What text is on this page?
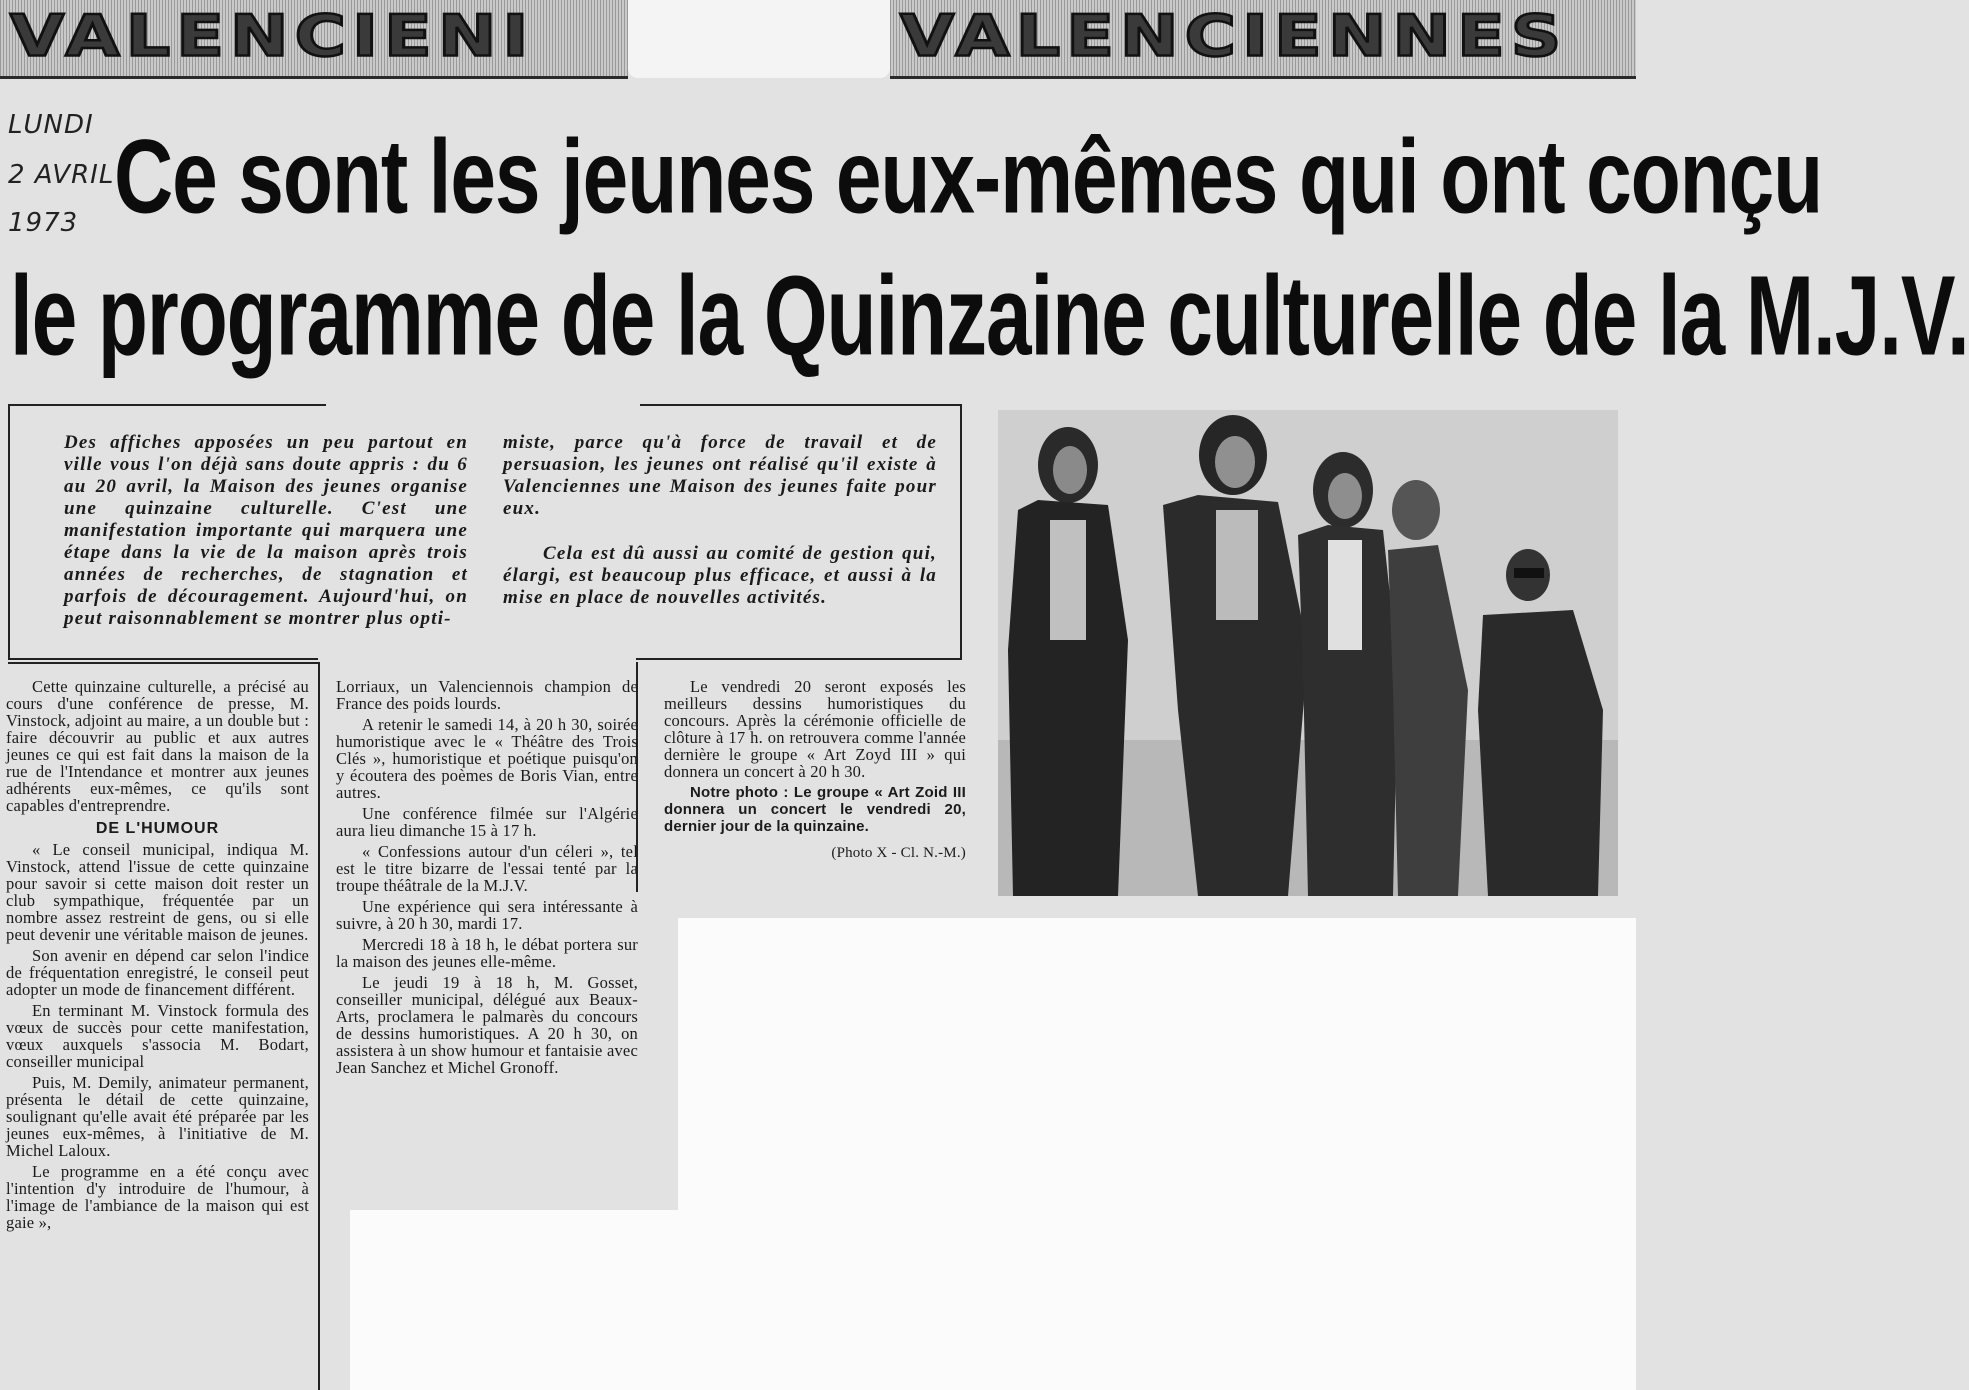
VALENCIENI	VALENCIENNES
LUNDI
2 AVRIL
1973 Ce sont les jeunes eux-mêmes qui ont conçu
le programme de la Quinzaine culturelle de la M.J.V.
Des affiches apposées un peu partout en ville vous l'on déjà sans doute appris : du 6 au 20 avril, la Maison des jeunes organise une quinzaine culturelle. C'est une manifestation importante qui marquera une étape dans la vie de la maison après trois années de recherches, de stagnation et parfois de découragement. Aujourd'hui, on peut raisonnablement se montrer plus opti-
miste, parce qu'à force de travail et de persuasion, les jeunes ont réalisé qu'il existe à Valenciennes une Maison des jeunes faite pour eux.
Cela est dû aussi au comité de gestion qui, élargi, est beaucoup plus efficace, et aussi à la mise en place de nouvelles activités.

Cette quinzaine culturelle, a précisé au cours d'une conférence de presse, M. Vinstock, adjoint au maire, a un double but : faire découvrir au public et aux autres jeunes ce qui est fait dans la maison de la rue de l'Intendance et montrer aux jeunes adhérents eux-mêmes, ce qu'ils sont capables d'entreprendre.

DE L'HUMOUR

« Le conseil municipal, indiqua M. Vinstock, attend l'issue de cette quinzaine pour savoir si cette maison doit rester un club sympathique, fréquentée par un nombre assez restreint de gens, ou si elle peut devenir une véritable maison de jeunes.

Son avenir en dépend car selon l'indice de fréquentation enregistré, le conseil peut adopter un mode de financement différent.

En terminant M. Vinstock formula des vœux de succès pour cette manifestation, vœux auxquels s'associa M. Bodart, conseiller municipal

Puis, M. Demily, animateur permanent, présenta le détail de cette quinzaine, soulignant qu'elle avait été préparée par les jeunes eux-mêmes, à l'initiative de M. Michel Laloux.

Le programme en a été conçu avec l'intention d'y introduire de l'humour, à l'image de l'ambiance de la maison qui est gaie »,

Lorriaux, un Valenciennois champion de France des poids lourds.

A retenir le samedi 14, à 20 h 30, soirée humoristique avec le « Théâtre des Trois Clés », humoristique et poétique puisqu'on y écoutera des poèmes de Boris Vian, entre autres.

Une conférence filmée sur l'Algérie aura lieu dimanche 15 à 17 h.

« Confessions autour d'un céleri », tel est le titre bizarre de l'essai tenté par la troupe théâtrale de la M.J.V.

Une expérience qui sera intéressante à suivre, à 20 h 30, mardi 17.

Mercredi 18 à 18 h, le débat portera sur la maison des jeunes elle-même.

Le jeudi 19 à 18 h, M. Gosset, conseiller municipal, délégué aux Beaux-Arts, proclamera le palmarès du concours de dessins humoristiques. A 20 h 30, on assistera à un show humour et fantaisie avec Jean Sanchez et Michel Gronoff.

Le vendredi 20 seront exposés les meilleurs dessins humoristiques du concours. Après la cérémonie officielle de clôture à 17 h. on retrouvera comme l'année dernière le groupe « Art Zoyd III » qui donnera un concert à 20 h 30.

Notre photo : Le groupe « Art Zoid III donnera un concert le vendredi 20, dernier jour de la quinzaine.

(Photo X - Cl. N.-M.)
